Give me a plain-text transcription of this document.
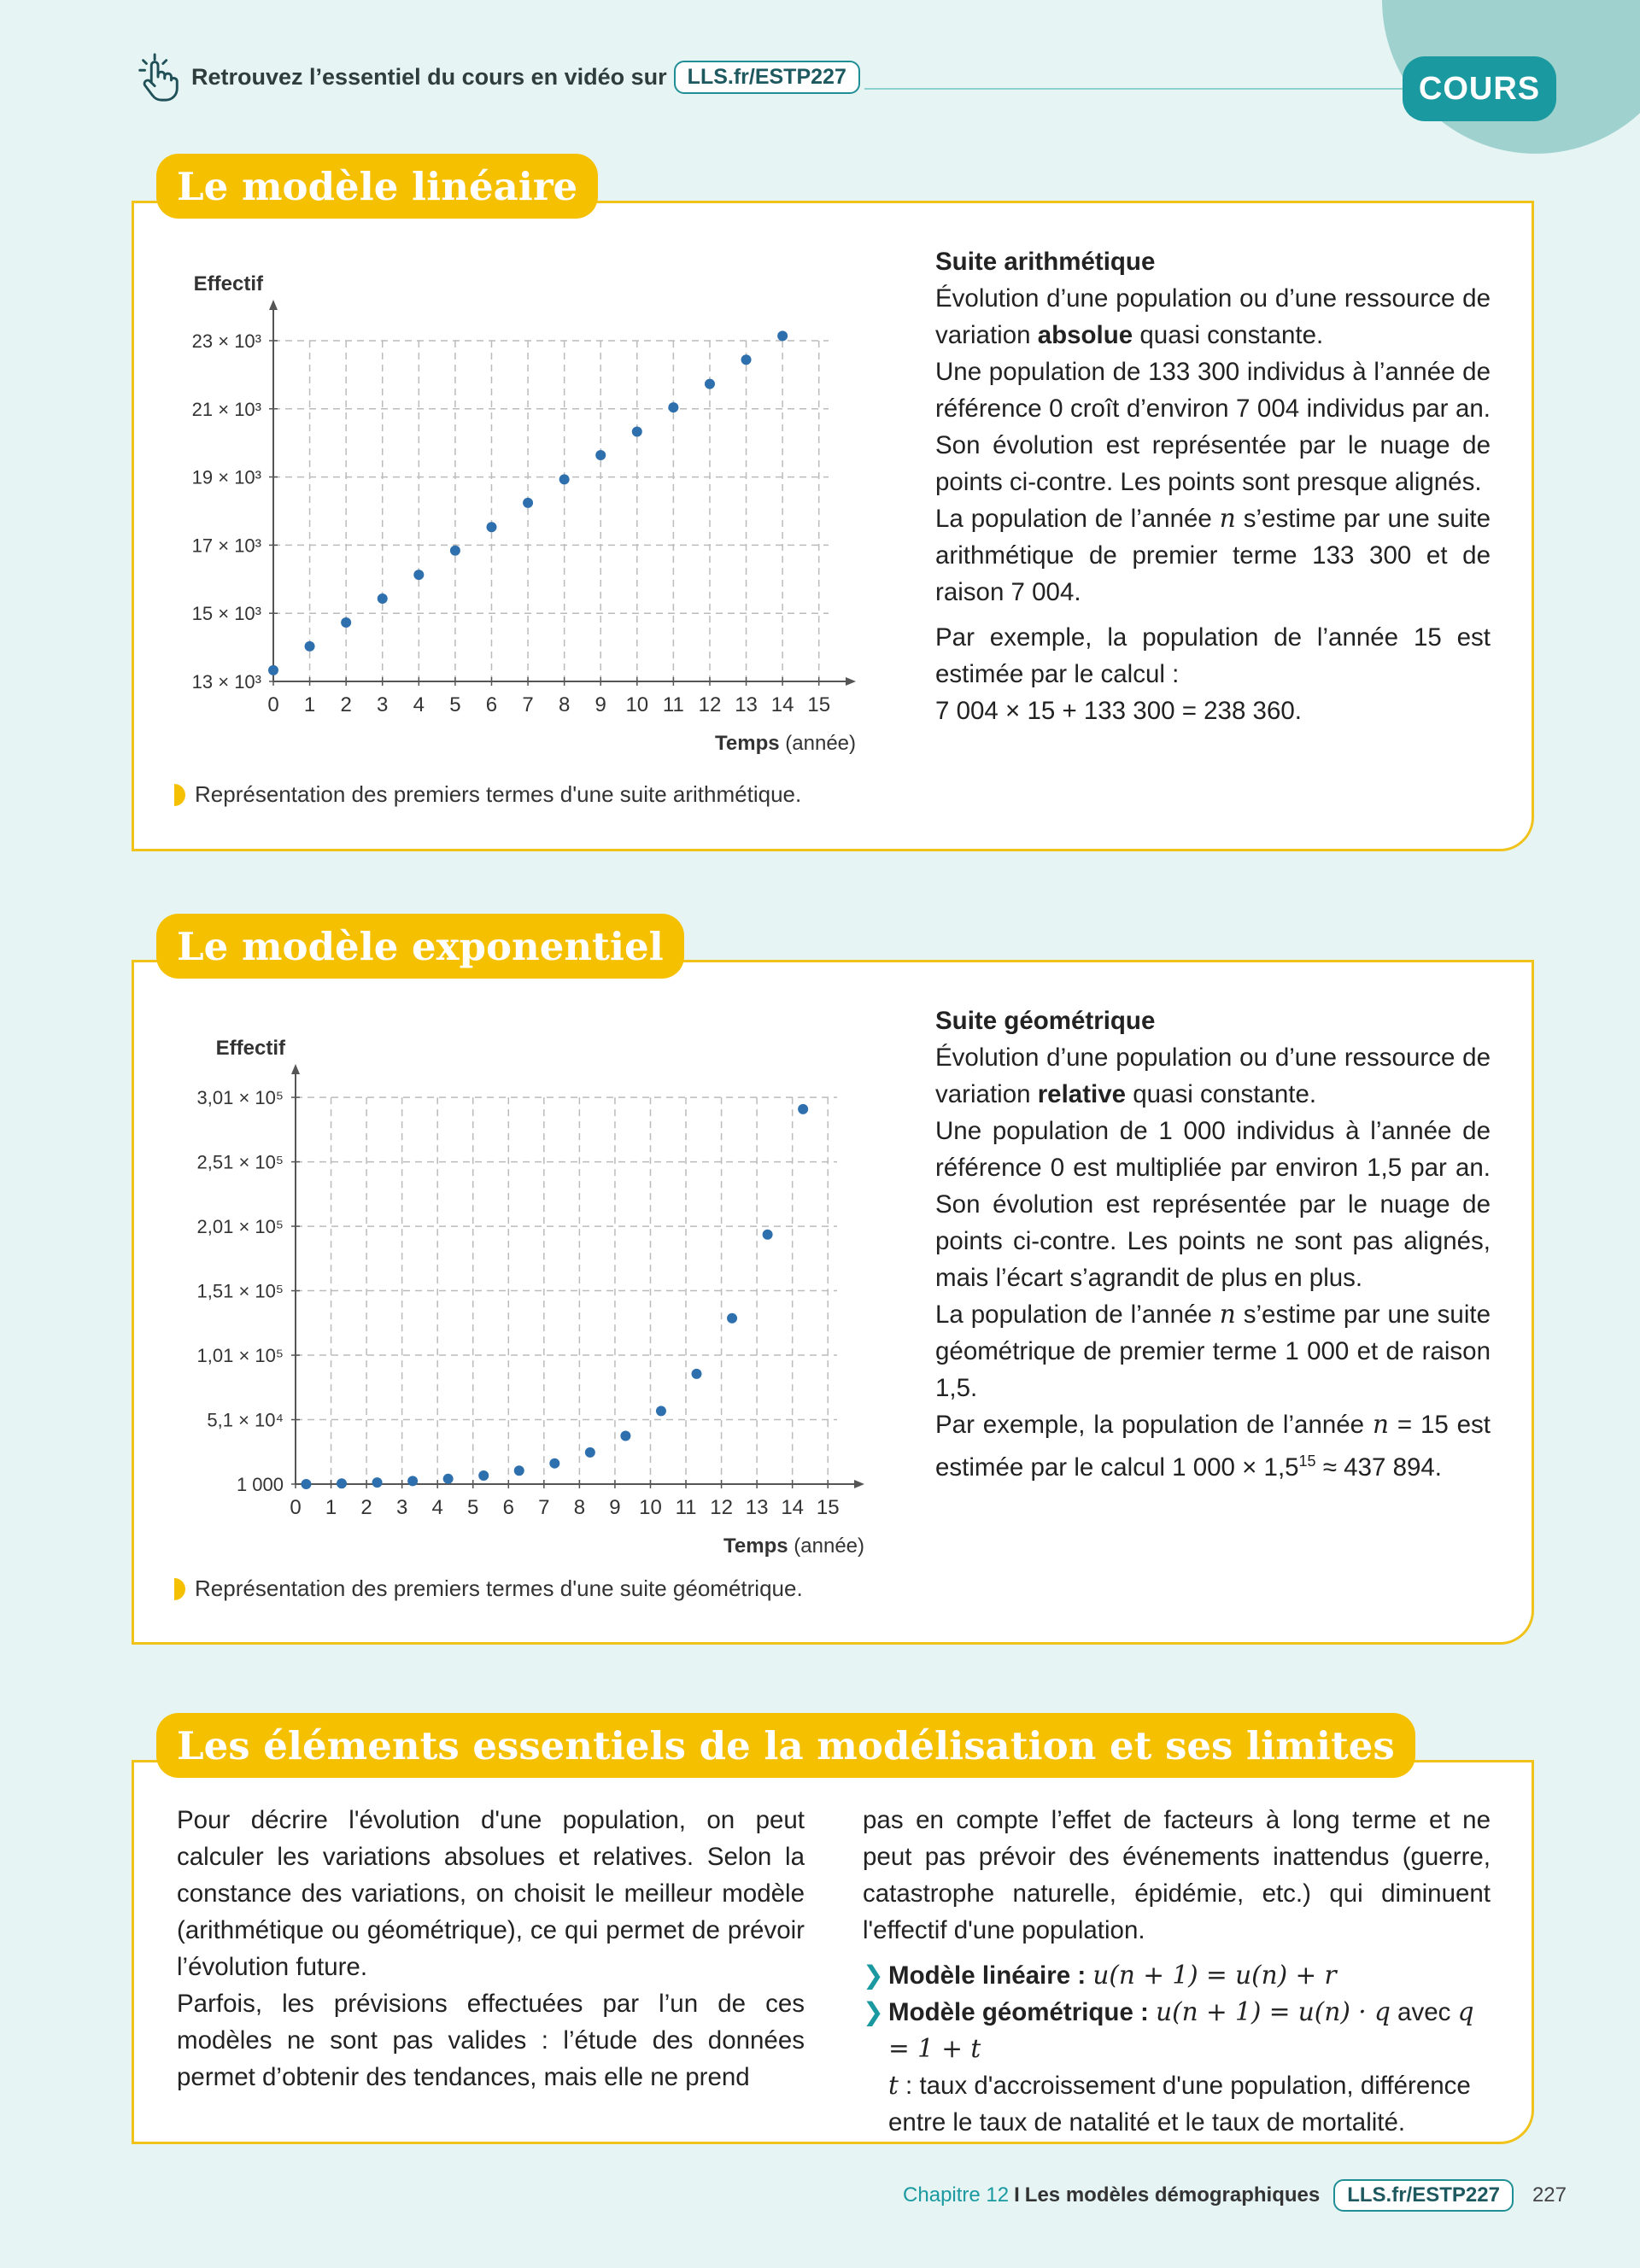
Retrouvez l’essentiel du cours en vidéo sur LLS.fr/ESTP227	COURS
Le modèle linéaire
0 1 2 3 4 5 6 7 8 9 10 11 12 13 14 15
13 × 10³
15 × 10³
17 × 10³
19 × 10³
21 × 10³
23 × 10³
Effectif
Temps (année)
Représentation des premiers termes d'une suite arithmétique.

Suite arithmétique

Évolution d’une population ou d’une ressource de variation absolue quasi constante.

Une population de 133 300 individus à l’année de référence 0 croît d’environ 7 004 individus par an. Son évolution est représentée par le nuage de points ci-contre. Les points sont presque alignés.

La population de l’année n s’estime par une suite arithmétique de premier terme 133 300 et de raison 7 004.

Par exemple, la population de l’année 15 est estimée par le calcul :

7 004 × 15 + 133 300 = 238 360.

Le modèle exponentiel
0 1 2 3 4 5 6 7 8 9 10 11 12 13 14 15
1 000
5,1 × 10⁴
1,01 × 10⁵
1,51 × 10⁵
2,01 × 10⁵
2,51 × 10⁵
3,01 × 10⁵
Effectif
Temps (année)
Représentation des premiers termes d'une suite géométrique.

Suite géométrique

Évolution d’une population ou d’une ressource de variation relative quasi constante.

Une population de 1 000 individus à l’année de référence 0 est multipliée par environ 1,5 par an. Son évolution est représentée par le nuage de points ci-contre. Les points ne sont pas alignés, mais l’écart s’agrandit de plus en plus.

La population de l’année n s’estime par une suite géométrique de premier terme 1 000 et de raison 1,5.

Par exemple, la population de l’année n = 15 est estimée par le calcul 1 $000 \times 1,5^{15} \approx 437$ 894.

Les éléments essentiels de la modélisation et ses limites

Pour décrire l'évolution d'une population, on peut calculer les variations absolues et relatives. Selon la constance des variations, on choisit le meilleur modèle (arithmétique ou géométrique), ce qui permet de prévoir l’évolution future.

Parfois, les prévisions effectuées par l’un de ces modèles ne sont pas valides : l’étude des données permet d’obtenir des tendances, mais elle ne prend

pas en compte l’effet de facteurs à long terme et ne peut pas prévoir des événements inattendus (guerre, catastrophe naturelle, épidémie, etc.) qui diminuent l'effectif d'une population.

❯ Modèle linéaire : u(n + 1) = u(n) + r
❯ Modèle géométrique : u(n + 1) = u(n) · q avec q = 1 + t
t : taux d'accroissement d'une population, différence entre le taux de natalité et le taux de mortalité.
Chapitre 12 I Les modèles démographiques	LLS.fr/ESTP227	227
